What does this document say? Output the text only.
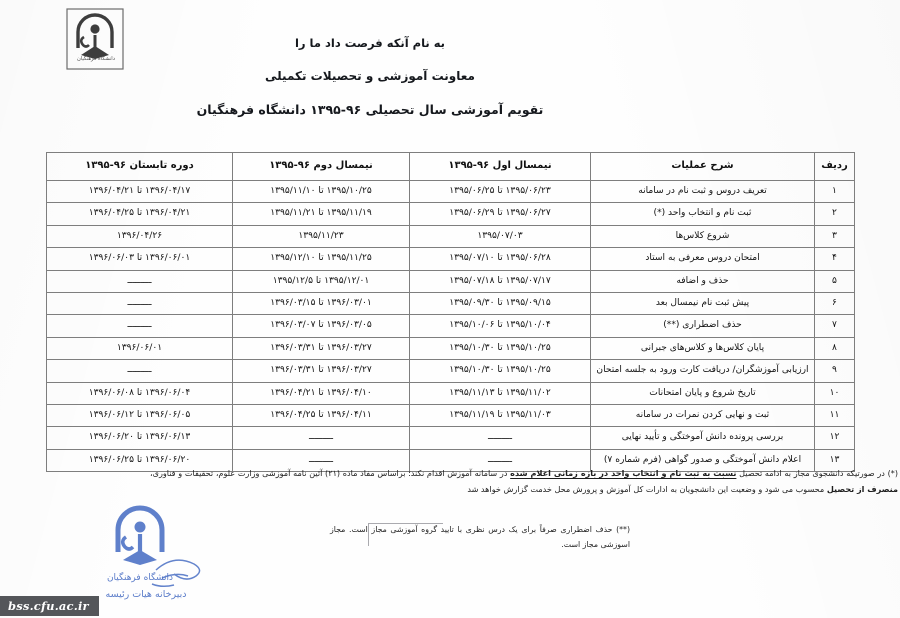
دانشگاه فرهنگیان
به نام آنکه فرصت داد ما را
معاونت آموزشی و تحصیلات تکمیلی
تقویم آموزشی سال تحصیلی ۹۶-۱۳۹۵ دانشگاه فرهنگیان
ردیف	شرح عملیات	نیمسال اول ۹۶-۱۳۹۵	نیمسال دوم ۹۶-۱۳۹۵	دوره تابستان ۹۶-۱۳۹۵
۱	تعریف دروس و ثبت نام در سامانه	۱۳۹۵/۰۶/۲۳ تا ۱۳۹۵/۰۶/۲۵	۱۳۹۵/۱۰/۲۵ تا ۱۳۹۵/۱۱/۱۰	۱۳۹۶/۰۴/۱۷ تا ۱۳۹۶/۰۴/۲۱
۲	ثبت نام و انتخاب واحد (*)	۱۳۹۵/۰۶/۲۷ تا ۱۳۹۵/۰۶/۲۹	۱۳۹۵/۱۱/۱۹ تا ۱۳۹۵/۱۱/۲۱	۱۳۹۶/۰۴/۲۱ تا ۱۳۹۶/۰۴/۲۵
۳	شروع کلاس‌ها	۱۳۹۵/۰۷/۰۳	۱۳۹۵/۱۱/۲۳	۱۳۹۶/۰۴/۲۶
۴	امتحان دروس معرفی به استاد	۱۳۹۵/۰۶/۲۸ تا ۱۳۹۵/۰۷/۱۰	۱۳۹۵/۱۱/۲۵ تا ۱۳۹۵/۱۲/۱۰	۱۳۹۶/۰۶/۰۱ تا ۱۳۹۶/۰۶/۰۳
۵	حذف و اضافه	۱۳۹۵/۰۷/۱۷ تا ۱۳۹۵/۰۷/۱۸	۱۳۹۵/۱۲/۰۱ تا ۱۳۹۵/۱۲/۵	ـــــــــ
۶	پیش ثبت نام نیمسال بعد	۱۳۹۵/۰۹/۱۵ تا ۱۳۹۵/۰۹/۳۰	۱۳۹۶/۰۳/۰۱ تا ۱۳۹۶/۰۳/۱۵	ـــــــــ
۷	حذف اضطراری (**)	۱۳۹۵/۱۰/۰۴ تا ۱۳۹۵/۱۰/۰۶	۱۳۹۶/۰۳/۰۵ تا ۱۳۹۶/۰۳/۰۷	ـــــــــ
۸	پایان کلاس‌ها و کلاس‌های جبرانی	۱۳۹۵/۱۰/۲۵ تا ۱۳۹۵/۱۰/۳۰	۱۳۹۶/۰۳/۲۷ تا ۱۳۹۶/۰۳/۳۱	۱۳۹۶/۰۶/۰۱
۹	ارزیابی آموزشگران/ دریافت کارت ورود به جلسه امتحان	۱۳۹۵/۱۰/۲۵ تا ۱۳۹۵/۱۰/۳۰	۱۳۹۶/۰۳/۲۷ تا ۱۳۹۶/۰۳/۳۱	ـــــــــ
۱۰	تاریخ شروع و پایان امتحانات	۱۳۹۵/۱۱/۰۲ تا ۱۳۹۵/۱۱/۱۳	۱۳۹۶/۰۴/۱۰ تا ۱۳۹۶/۰۴/۲۱	۱۳۹۶/۰۶/۰۴ تا ۱۳۹۶/۰۶/۰۸
۱۱	ثبت و نهایی کردن نمرات در سامانه	۱۳۹۵/۱۱/۰۳ تا ۱۳۹۵/۱۱/۱۹	۱۳۹۶/۰۴/۱۱ تا ۱۳۹۶/۰۴/۲۵	۱۳۹۶/۰۶/۰۵ تا ۱۳۹۶/۰۶/۱۲
۱۲	بررسی پرونده دانش آموختگی و تأیید نهایی	ـــــــــ	ـــــــــ	۱۳۹۶/۰۶/۱۳ تا ۱۳۹۶/۰۶/۲۰
۱۳	اعلام دانش آموختگی و صدور گواهی (فرم شماره ۷)	ـــــــــ	ـــــــــ	۱۳۹۶/۰۶/۲۰ تا ۱۳۹۶/۰۶/۲۵
(*) در صورتیکه دانشجوی مجاز به ادامه تحصیل نسبت به ثبت نام و انتخاب واحد در بازه زمانی اعلام شده در سامانه آموزش اقدام نکند؛ براساس مفاد ماده (۲۱) آئین نامه آموزشی وزارت علوم، تحقیقات و فناوری، منصرف از تحصیل محسوب می شود و وضعیت این دانشجویان به ادارات کل آموزش و پرورش محل خدمت گزارش خواهد شد
(**) حذف اضطراری صرفاً برای یک درس نظری با تایید گروه آموزشی مجاز است. مجاز اسوزشی مجاز است.
دانشگاه فرهنگیان
دبیرخانه هیات رئیسه
bss.cfu.ac.ir
